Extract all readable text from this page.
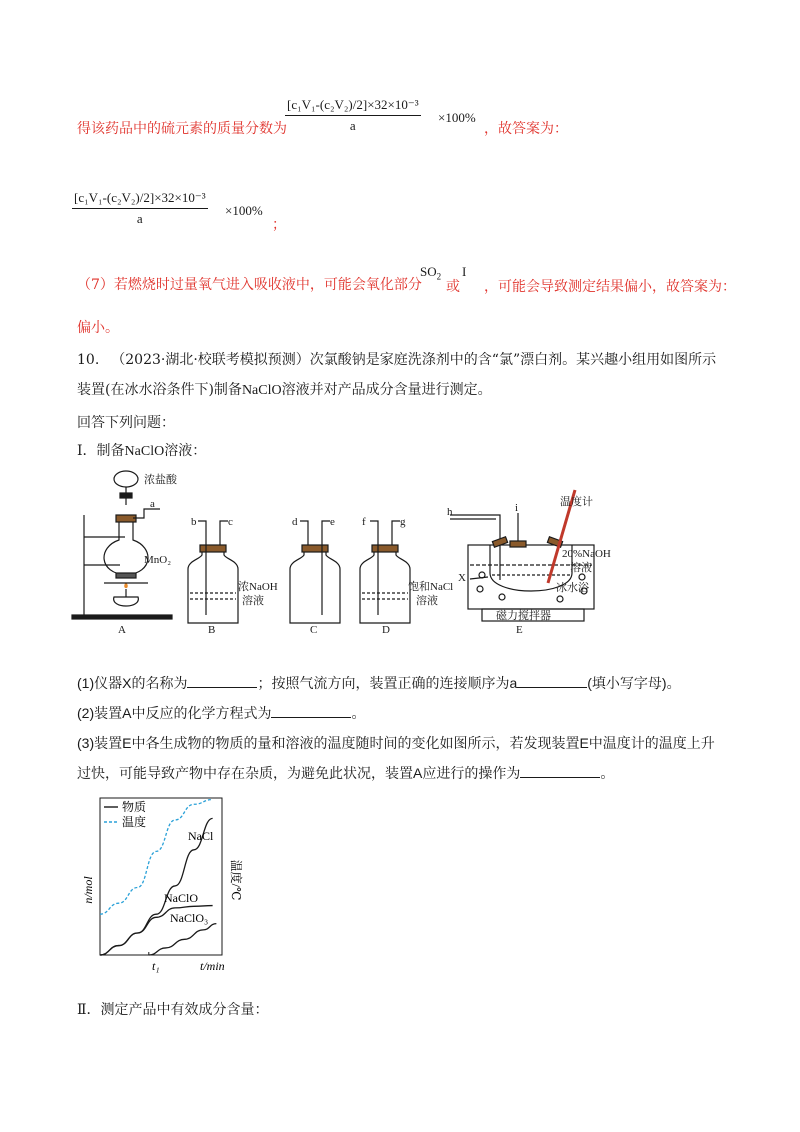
$\frac{\text{[c₁V₁-(c₂V₂)/2]×32×10⁻³}}{a} \times 100\%$
得该药品中的硫元素的质量分数为	，故答案为：
$\frac{\text{[c₁V₁-(c₂V₂)/2]×32×10⁻³}}{a} \times 100\%$
；
（7）若燃烧时过量氧气进入吸收液中，可能会氧化部分
$SO_2$
或
I
，可能会导致测定结果偏小，故答案为：
偏小。
10. （2023·湖北·校联考模拟预测）次氯酸钠是家庭洗涤剂中的含“氯”漂白剂。某兴趣小组用如图所示
装置(在冰水浴条件下)制备NaClO溶液并对产品成分含量进行测定。
回答下列问题：
Ⅰ．制备NaClO溶液：
浓盐酸
a
MnO₂
A
b	c
浓NaOH
溶液
B
d	e
C
f	g
饱和NaCl
溶液
D
h	i	温度计
20%NaOH
溶液
冰水浴
X
磁力搅拌器
E
(1)仪器X的名称为	；按照气流方向，装置正确的连接顺序为a	(填小写字母)。
(2)装置A中反应的化学方程式为	。
(3)装置E中各生成物的物质的量和溶液的温度随时间的变化如图所示，若发现装置E中温度计的温度上升
过快，可能导致产物中存在杂质，为避免此状况，装置A应进行的操作为	。
物质
温度
n/mol	温度/℃
t/min
t₁
NaCl
NaClO
NaClO₃
Ⅱ．测定产品中有效成分含量：
